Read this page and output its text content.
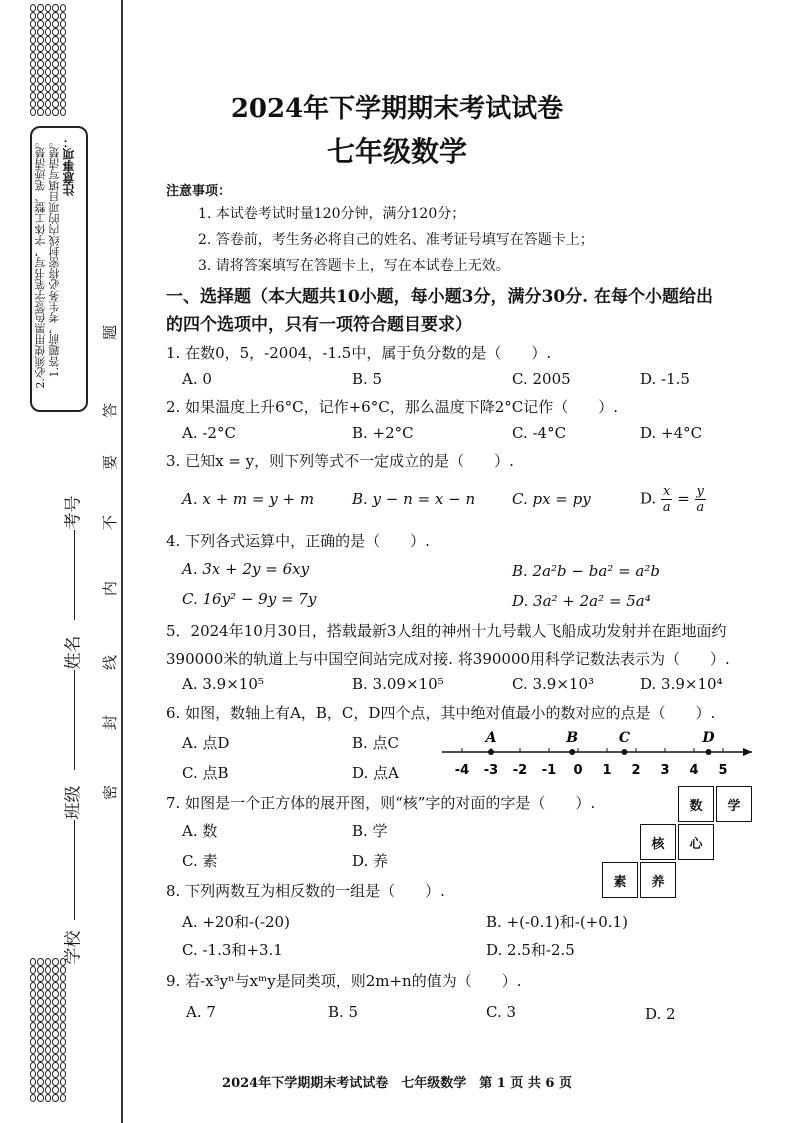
注意事项：
1.答题前，考生务必将密封线内的项目填写清楚。
2.必须使用黑色签字笔书写，字体工整、笔迹清楚。	题
答
要
不
内
线
封
密
考号
姓名
班级
学校
2024年下学期期末考试试卷
七年级数学
注意事项：
1. 本试卷考试时量120分钟，满分120分；
2. 答卷前，考生务必将自己的姓名、准考证号填写在答题卡上；
3. 请将答案填写在答题卡上，写在本试卷上无效。
一、选择题（本大题共10小题，每小题3分，满分30分. 在每个小题给出
的四个选项中，只有一项符合题目要求）
1. 在数0，5，-2004，-1.5中，属于负分数的是（　　）.
A. 0	B. 5	C. 2005	D. -1.5
2. 如果温度上升6°C，记作+6°C，那么温度下降2°C记作（　　）.
A. -2°C	B. +2°C	C. -4°C	D. +4°C
3. 已知x = y，则下列等式不一定成立的是（　　）.
A. x + m = y + m	B. y − n = x − n C. px = py	D. $\frac{x}{a} = \frac{y}{a}$
4. 下列各式运算中，正确的是（　　）.
A. 3x + 2y = 6xy	B. 2a²b − ba² = a²b
C. 16y² − 9y = 7y	D. 3a² + 2a² = 5a⁴
5．2024年10月30日，搭载最新3人组的神州十九号载人飞船成功发射并在距地面约
390000米的轨道上与中国空间站完成对接. 将390000用科学记数法表示为（　　）.
A. 3.9×10⁵	B. 3.09×10⁵	C. 3.9×10³	D. 3.9×10⁴
6. 如图，数轴上有A，B，C，D四个点，其中绝对值最小的数对应的点是（　　）.
A. 点D	B. 点C
C. 点B	D. 点A	-4 -3 -2 -1 0 1 2 3 4 5
A	B	C	D
7. 如图是一个正方体的展开图，则“核”字的对面的字是（　　）.
A. 数	B. 学
C. 素	D. 养
数	学
核	心
素	养
8. 下列两数互为相反数的一组是（　　）.
A. +20和-(-20)	B. +(-0.1)和-(+0.1)
C. -1.3和+3.1	D. 2.5和-2.5
9. 若-x³yⁿ与xᵐy是同类项，则2m+n的值为（　　）.
A. 7	B. 5	C. 3	D. 2
2024年下学期期末考试试卷　七年级数学　第 1 页 共 6 页
